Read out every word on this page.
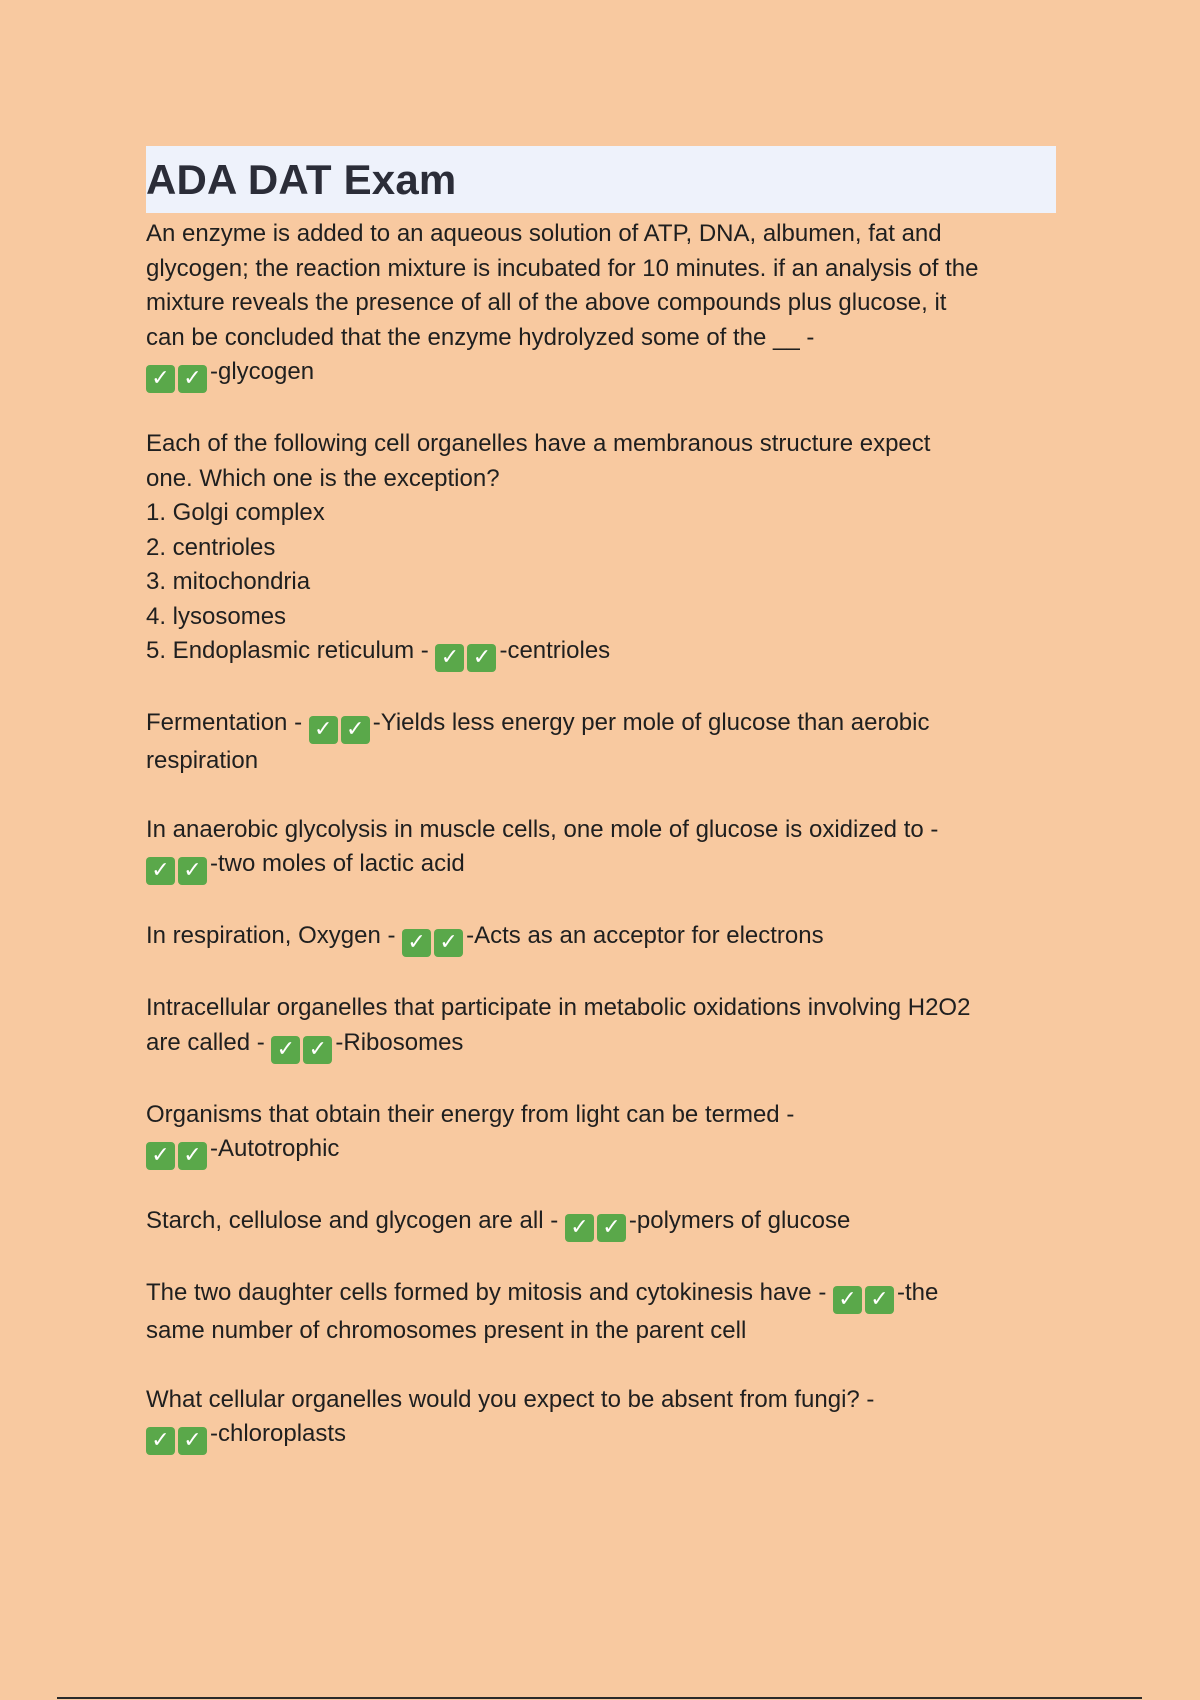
ADA DAT Exam
An enzyme is added to an aqueous solution of ATP, DNA, albumen, fat and
glycogen; the reaction mixture is incubated for 10 minutes. if an analysis of the
mixture reveals the presence of all of the above compounds plus glucose, it
can be concluded that the enzyme hydrolyzed some of the __ -
✓ ✓ -glycogen
Each of the following cell organelles have a membranous structure expect
one. Which one is the exception?
1. Golgi complex
2. centrioles
3. mitochondria
4. lysosomes
5. Endoplasmic reticulum - ✓ ✓ -centrioles
Fermentation - ✓ ✓ -Yields less energy per mole of glucose than aerobic
respiration
In anaerobic glycolysis in muscle cells, one mole of glucose is oxidized to -
✓ ✓ -two moles of lactic acid
In respiration, Oxygen - ✓ ✓ -Acts as an acceptor for electrons
Intracellular organelles that participate in metabolic oxidations involving H2O2
are called - ✓ ✓ -Ribosomes
Organisms that obtain their energy from light can be termed -
✓ ✓ -Autotrophic
Starch, cellulose and glycogen are all - ✓ ✓ -polymers of glucose
The two daughter cells formed by mitosis and cytokinesis have - ✓ ✓ -the
same number of chromosomes present in the parent cell
What cellular organelles would you expect to be absent from fungi? -
✓ ✓ -chloroplasts
